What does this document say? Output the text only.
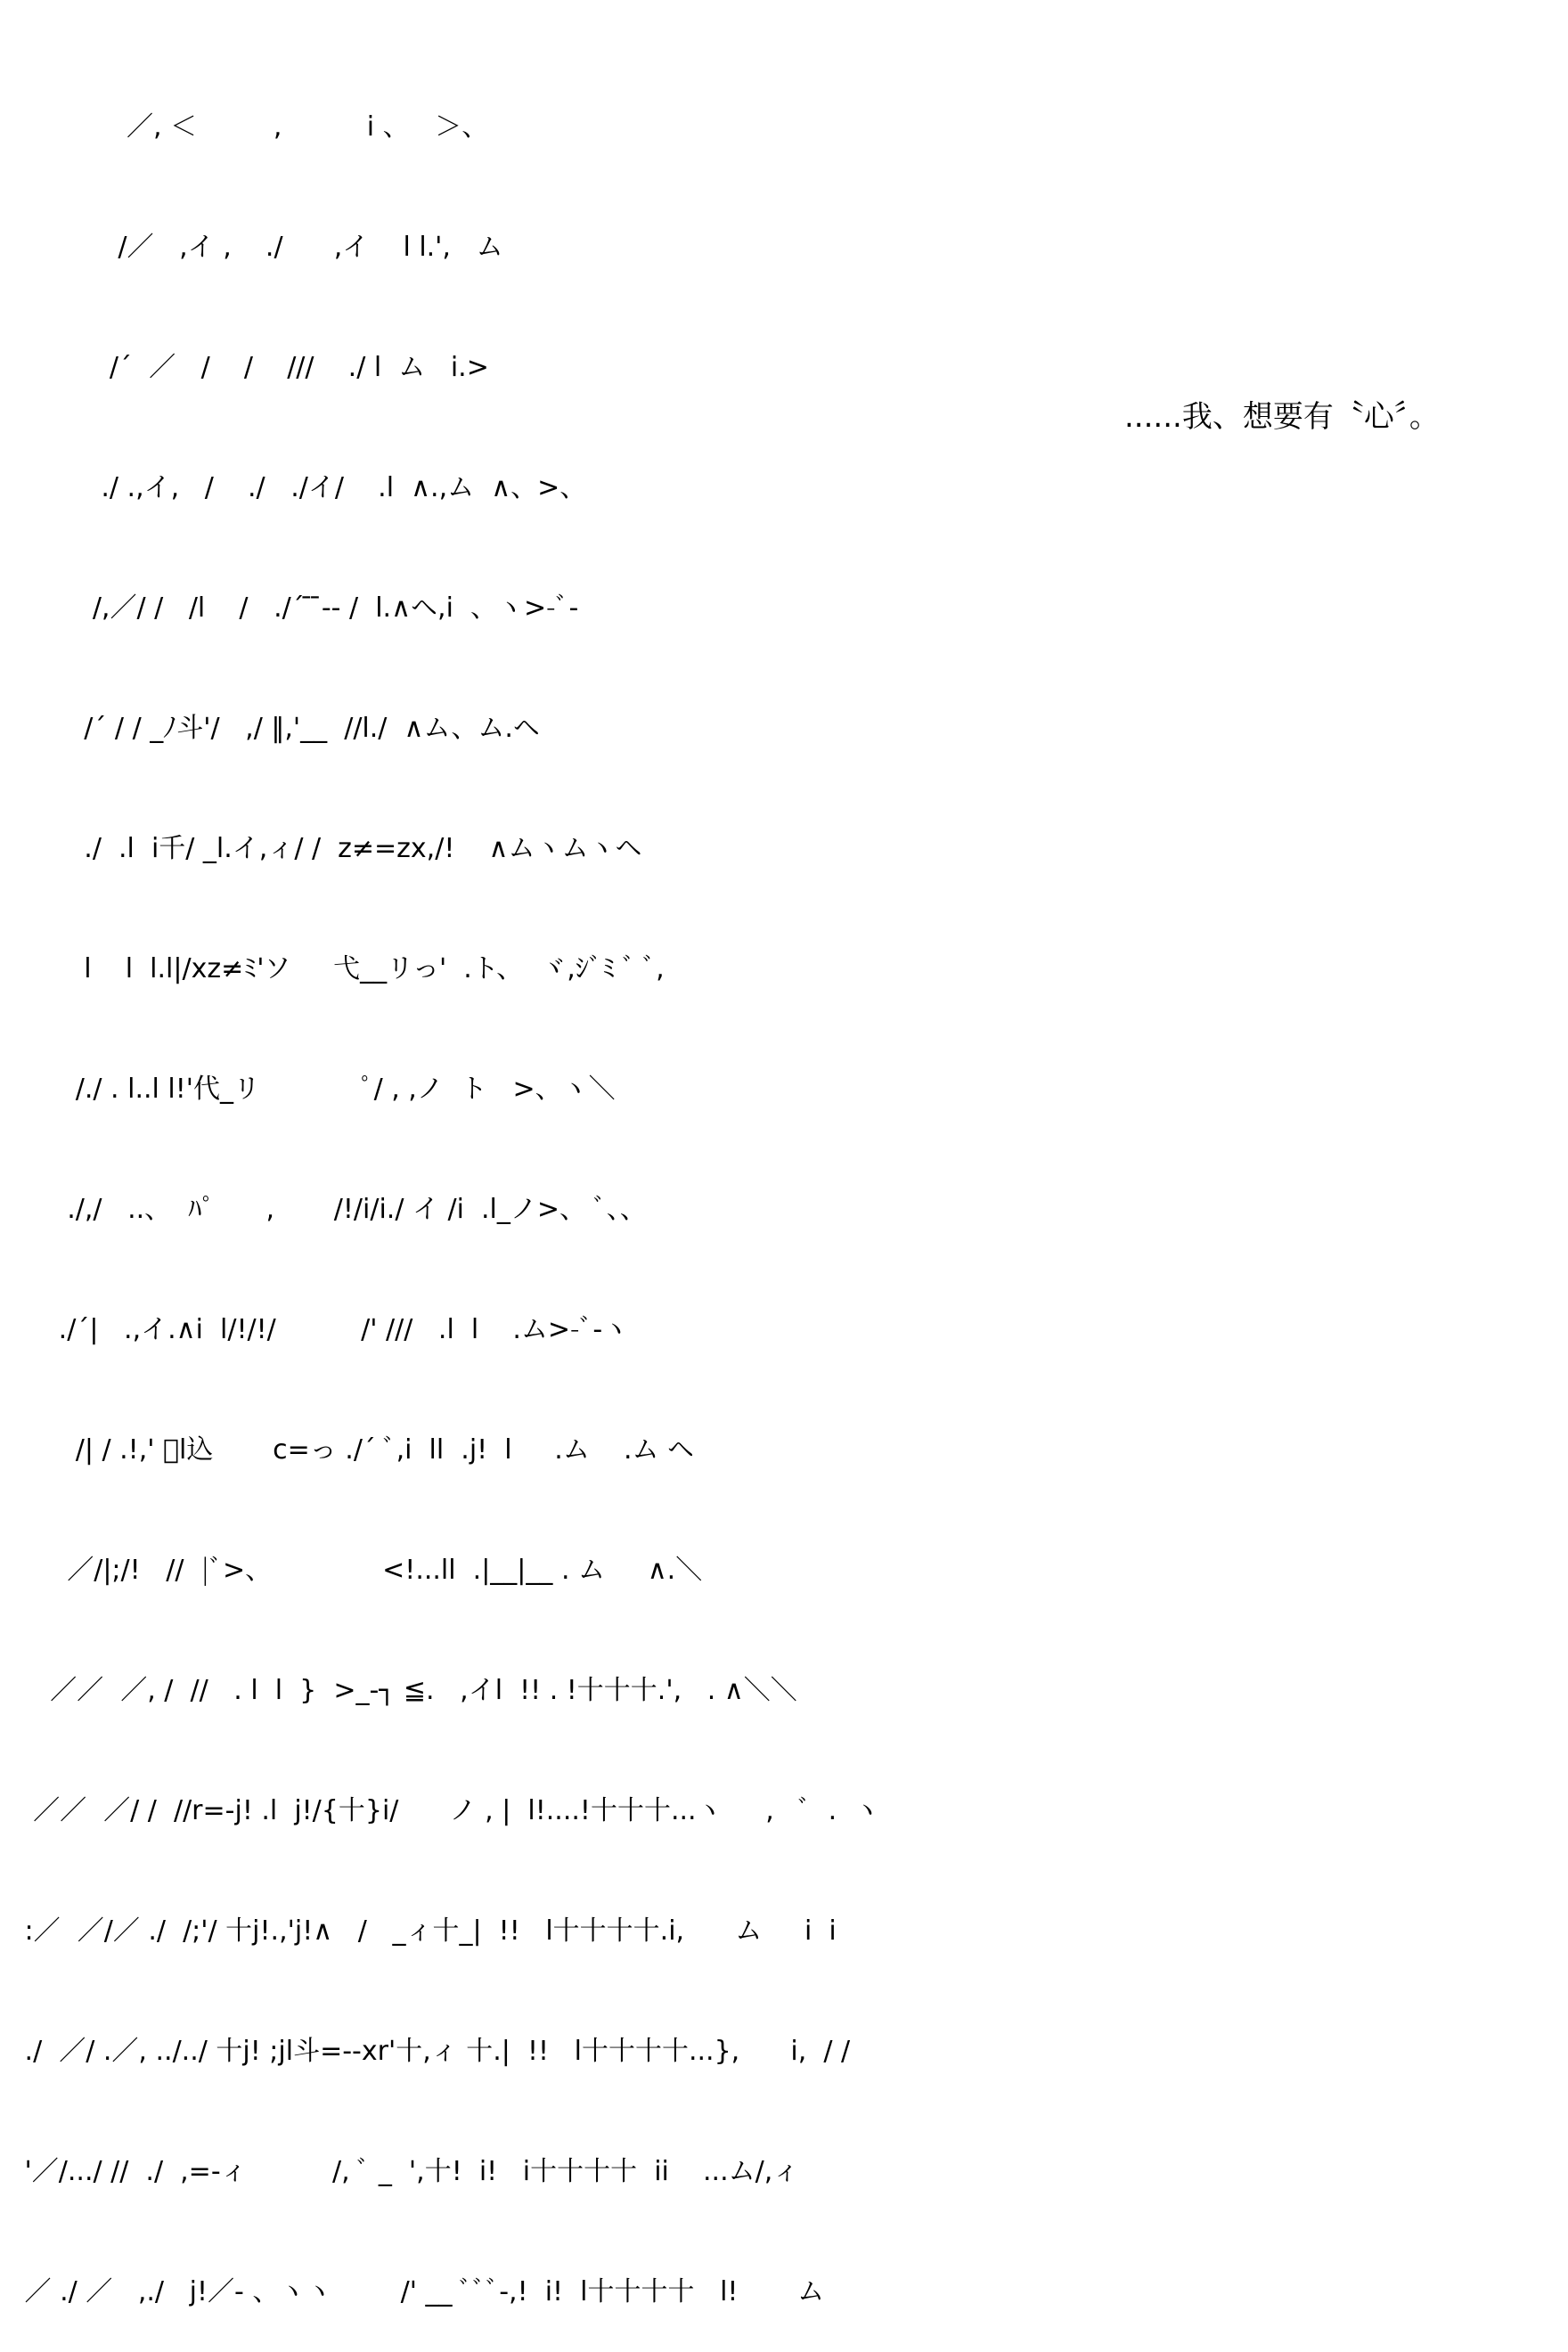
／, ＜         ,          i 、   ＞、

/／   ,イ ,    ./      ,イ    l l.',   ム

/´  ／   /    /    ///    ./ l  ム   i.>

./ .,イ,   /    ./   ./イ/    .l  ∧.,ム  ∧、>、

/,／/ /   /l    /   ./´ ̄ ̄-- /  l.∧ヘ,i  、ヽ>-ﾞ-

/´ / / _ﾉ斗'/   ,/ ‖,'__  //l./  ∧ム、ム.ヘ

./  .l  i千/ _l.イ,ィ/ /  z≠=zx,/!    ∧ムヽムヽヘ

l    l  l.l|/xz≠ﾐ'ソ     弋__リっ'  .ト、  ヾ,ｼﾞﾐ ﾞ ﾞ,

/./ . l..l l!'代_リ            ﾟ/ , ,ノ  ト   >、ヽ＼

./,/   ..、  ﾊﾟ      ,       /!/i/i./ イ /i  .l_ノ>、 ﾞ、、

./´|   .,イ.∧i  l/!/!/          /' ///   .l  l    .ム>-ﾞ-ヽ

/| / .!,' ﾞl込       c=っ ./´ ﾞ,i  ll  .j!  l     .ム    .ム ヘ

／/|;/!   //  |ﾞ>、             <!...ll  .|__|__ . ム     ∧.＼

／／  ／, /  //   . l  l  }  >_-┐ ≦.   ,イl  !! . !十十十.',   . ∧＼＼

／／  ／/ /  //r=-j! .l  j!/{十}i/      ノ , |  l!....!十十十...ヽ     ,   ﾞ  .  ヽ

:／  ／/／ ./  /;'/ 十j!.,'j!∧   /   _ィ十_|  !!   l十十十十.i,      ム     i  i

./  ／/ .／, ../../ 十j! ;jl斗=--xr'十,ィ 十.|  !!   l十十十十...},      i,  / /

'／/.../ //  ./  ,=-ィ          /, ﾞ _  ',十!  i!   i十十十十  ii    ...ム/,ィ

／ ./ ／   ,./   j!／- 、ヽヽ        /' __ ﾞﾞﾞ-,!  i!  l十十十十   l!       ム

......我、想要有〝心〞。
